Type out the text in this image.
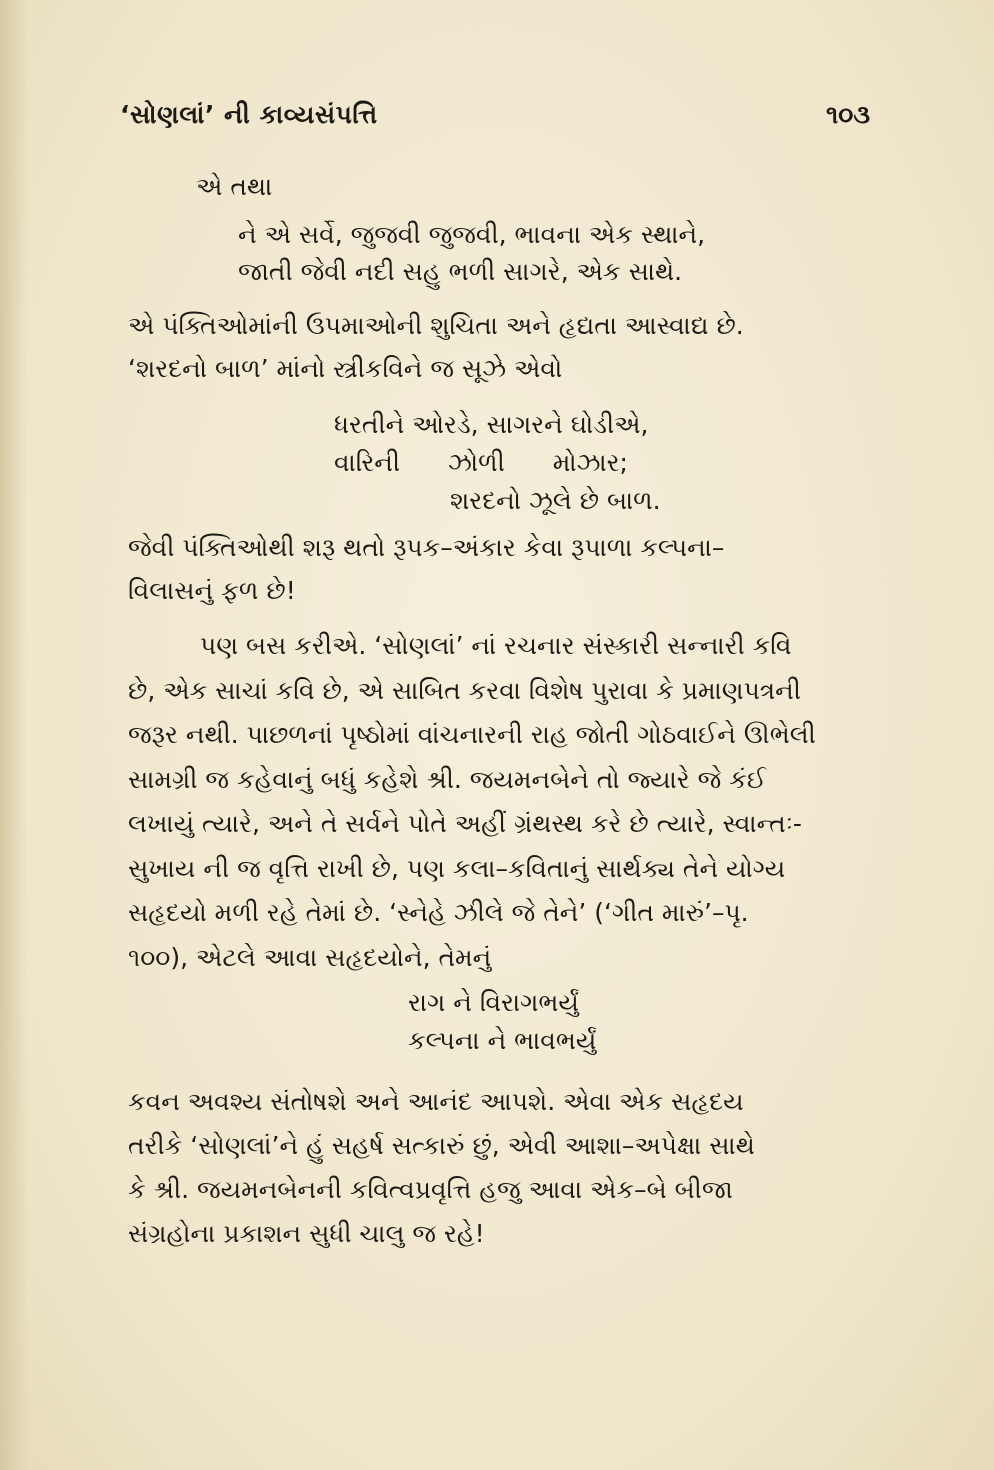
‘સોણલાં’ ની કાવ્યસંપત્તિ	૧૦૩
એ તથા
ને એ સર્વે, જુજવી જુજવી, ભાવના એક સ્થાને,
જાતી જેવી નદી સહુ ભળી સાગરે, એક સાથે.
એ પંક્તિઓમાંની ઉપમાઓની શુચિતા અને હૃદ્યતા આસ્વાદ્ય છે.
‘શરદનો બાળ’ માંનો સ્ત્રીકવિને જ સૂઝે એવો
ધરતીને ઓરડે, સાગરને ઘોડીએ,
વારિની ઝોળી મોઝાર;
શરદનો ઝૂલે છે બાળ.
જેવી પંક્તિઓથી શરૂ થતો રૂપક–અંકાર કેવા રૂપાળા કલ્પના–
વિલાસનું ફળ છે!
પણ બસ કરીએ. ‘સોણલાં’ નાં રચનાર સંસ્કારી સન્નારી કવિ
છે, એક સાચાં કવિ છે, એ સાબિત કરવા વિશેષ પુરાવા કે પ્રમાણપત્રની
જરૂર નથી. પાછળનાં પૃષ્ઠોમાં વાંચનારની રાહ જોતી ગોઠવાઈને ઊભેલી
સામગ્રી જ કહેવાનું બધું કહેશે શ્રી. જયમનબેને તો જ્યારે જે કંઈ
લખાયું ત્યારે, અને તે સર્વને પોતે અહીં ગ્રંથસ્થ કરે છે ત્યારે, સ્વાન્તઃ-
સુખાય ની જ વૃત્તિ રાખી છે, પણ કલા–કવિતાનું સાર્થક્ય તેને યોગ્ય
સહૃદયો મળી રહે તેમાં છે. ‘સ્નેહે ઝીલે જે તેને’ (‘ગીત મારું’–પૃ.
૧૦૦), એટલે આવા સહૃદયોને, તેમનું
રાગ ને વિરાગભર્યું
કલ્પના ને ભાવભર્યું
કવન અવશ્ય સંતોષશે અને આનંદ આપશે. એવા એક સહૃદય
તરીકે ‘સોણલાં’ને હું સહર્ષ સત્કારું છું, એવી આશા–અપેક્ષા સાથે
કે શ્રી. જયમનબેનની કવિત્વપ્રવૃત્તિ હજુ આવા એક–બે બીજા
સંગ્રહોના પ્રકાશન સુધી ચાલુ જ રહે!
